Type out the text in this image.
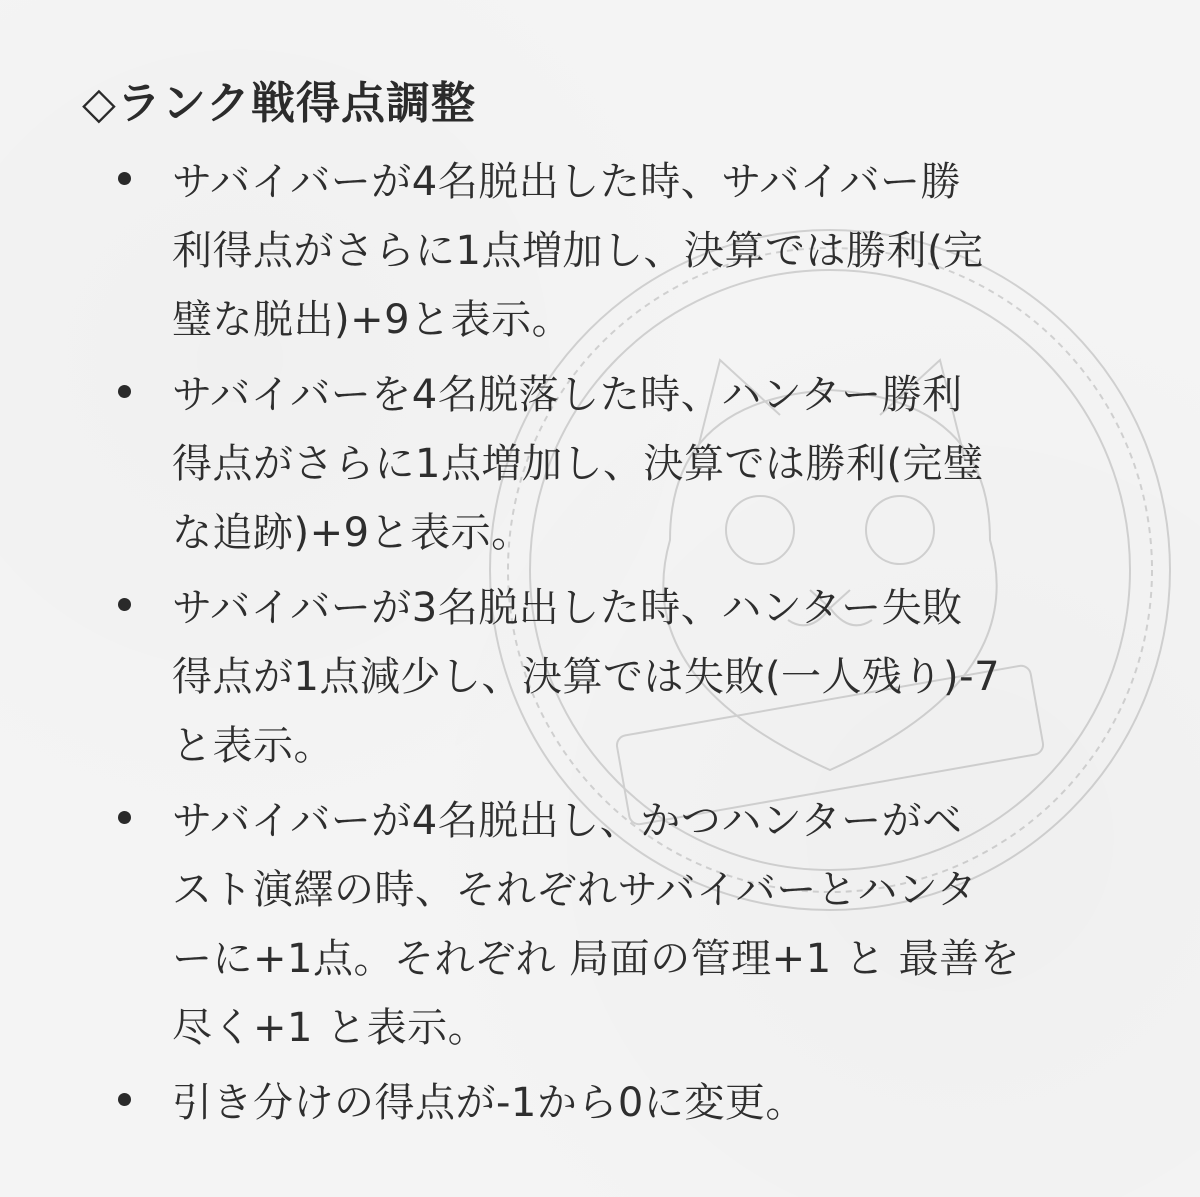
◇ランク戦得点調整
サバイバーが4名脱出した時、サバイバー勝
利得点がさらに1点増加し、決算では勝利(完
璧な脱出)+9と表示。
サバイバーを4名脱落した時、ハンター勝利
得点がさらに1点増加し、決算では勝利(完璧
な追跡)+9と表示。
サバイバーが3名脱出した時、ハンター失敗
得点が1点減少し、決算では失敗(一人残り)-7
と表示。
サバイバーが4名脱出し、かつハンターがベ
スト演繹の時、それぞれサバイバーとハンタ
ーに+1点。それぞれ 局面の管理+1 と 最善を
尽く+1 と表示。
引き分けの得点が-1から0に変更。
